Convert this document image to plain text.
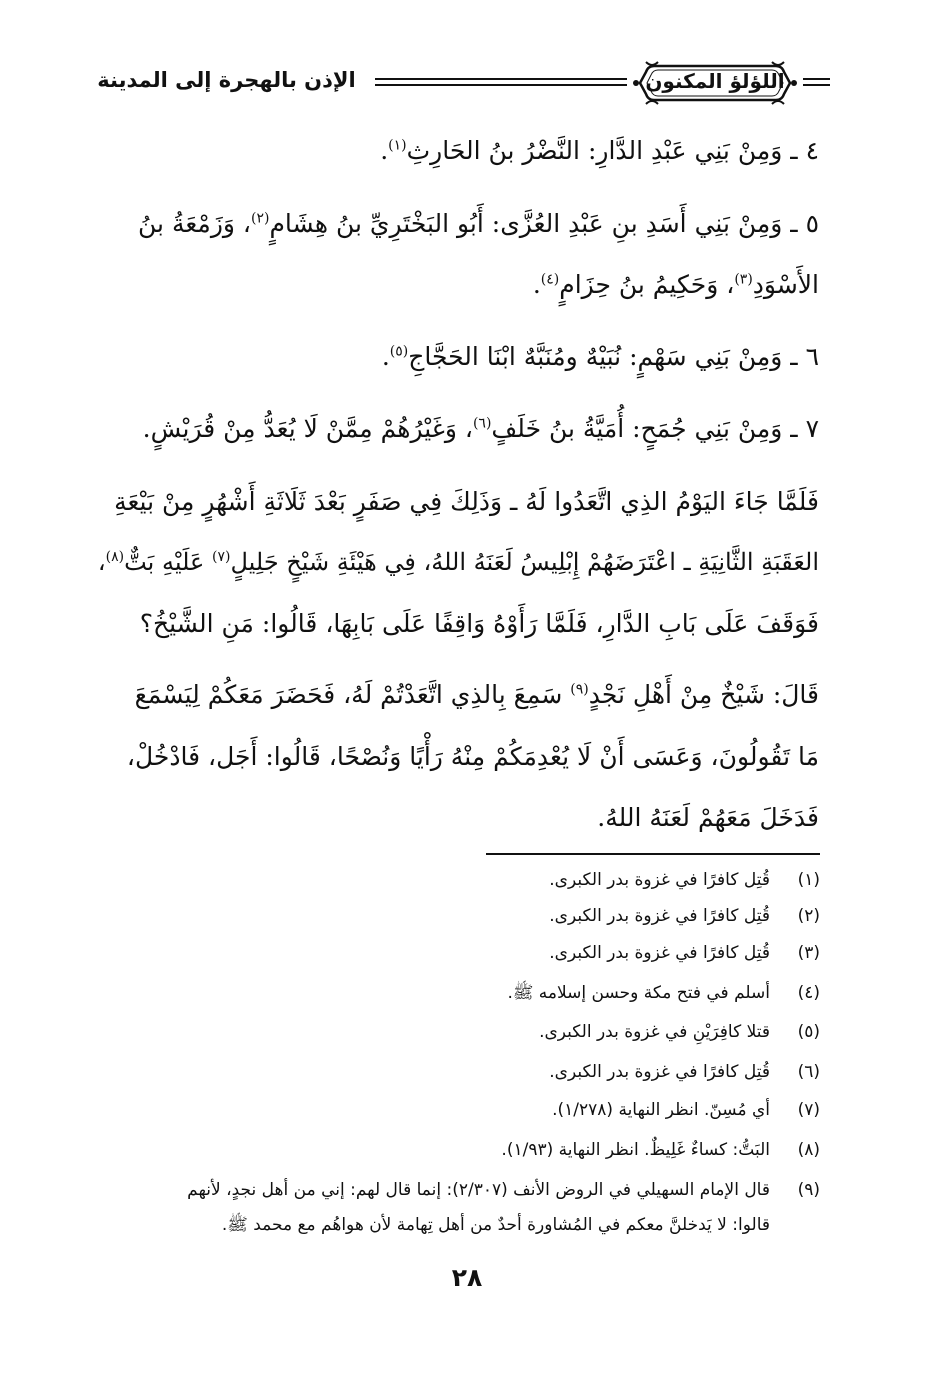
اللؤلؤ المكنون
الإذن بالهجرة إلى المدينة
٤ ـ وَمِنْ بَنِي عَبْدِ الدَّارِ: النَّضْرُ بنُ الحَارِثِ$^{(١)}$.
٥ ـ وَمِنْ بَنِي أَسَدِ بنِ عَبْدِ العُزَّى: أَبُو البَخْتَرِيِّ بنُ هِشَامٍ$^{(٢)}$، وَزَمْعَةُ بنُ
الأَسْوَدِ$^{(٣)}$، وَحَكِيمُ بنُ حِزَامٍ$^{(٤)}$.
٦ ـ وَمِنْ بَنِي سَهْمٍ: نُبَيْهٌ ومُنَبَّهٌ ابْنَا الحَجَّاجِ$^{(٥)}$.
٧ ـ وَمِنْ بَنِي جُمَحٍ: أُمَيَّةُ بنُ خَلَفٍ$^{(٦)}$، وَغَيْرُهُمْ مِمَّنْ لَا يُعَدُّ مِنْ قُرَيْشٍ.
فَلَمَّا جَاءَ اليَوْمُ الذِي اتَّعَدُوا لَهُ ـ وَذَلِكَ فِي صَفَرٍ بَعْدَ ثَلَاثَةِ أَشْهُرٍ مِنْ بَيْعَةِ
العَقَبَةِ الثَّانِيَةِ ـ اعْتَرَضَهُمْ إِبْلِيسُ لَعَنَهُ اللهُ، فِي هَيْئَةِ شَيْخٍ جَلِيلٍ$^{(٧)}$ عَلَيْهِ بَتٌّ$^{(٨)}$،
فَوَقَفَ عَلَى بَابِ الدَّارِ، فَلَمَّا رَأَوْهُ وَاقِفًا عَلَى بَابِهَا، قَالُوا: مَنِ الشَّيْخُ؟
قَالَ: شَيْخٌ مِنْ أَهْلِ نَجْدٍ$^{(٩)}$ سَمِعَ بِالذِي اتَّعَدْتُمْ لَهُ، فَحَضَرَ مَعَكُمْ لِيَسْمَعَ
مَا تَقُولُونَ، وَعَسَى أَنْ لَا يُعْدِمَكُمْ مِنْهُ رَأْيًا وَنُصْحًا، قَالُوا: أَجَل، فَادْخُلْ،
فَدَخَلَ مَعَهُمْ لَعَنَهُ اللهُ.
(١)قُتِل كافرًا في غزوة بدر الكبرى.
(٢)قُتِل كافرًا في غزوة بدر الكبرى.
(٣)قُتِل كافرًا في غزوة بدر الكبرى.
(٤)أسلم في فتح مكة وحسن إسلامه ﷺ.
(٥)قتلا كافِرَيْنِ في غزوة بدر الكبرى.
(٦)قُتِل كافرًا في غزوة بدر الكبرى.
(٧)أي مُسِنّ. انظر النهاية (١/٢٧٨).
(٨)البَتُّ: كساءٌ غَلِيظٌ. انظر النهاية (١/٩٣).
(٩)قال الإمام السهيلي في الروض الأنف (٢/٣٠٧): إنما قال لهم: إني من أهل نجدٍ، لأنهم
قالوا: لا يَدخلنَّ معكم في المُشاورة أحدٌ من أهل تِهامة لأن هواهُم مع محمد ﷺ.
٢٨
